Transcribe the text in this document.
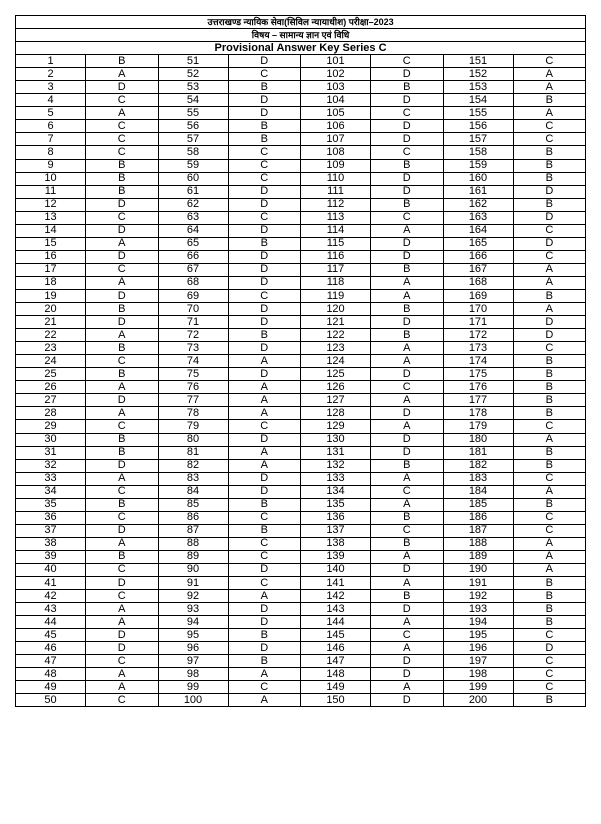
उत्तराखण्ड न्यायिक सेवा(सिविल न्यायाधीश) परीक्षा–2023							
विषय – सामान्य ज्ञान एवं विधि							
Provisional Answer Key Series C							
1	B	51	D	101	C	151	C
2	A	52	C	102	D	152	A
3	D	53	B	103	B	153	A
4	C	54	D	104	D	154	B
5	A	55	D	105	C	155	A
6	C	56	B	106	D	156	C
7	C	57	B	107	D	157	C
8	C	58	C	108	C	158	B
9	B	59	C	109	B	159	B
10	B	60	C	110	D	160	B
11	B	61	D	111	D	161	D
12	D	62	D	112	B	162	B
13	C	63	C	113	C	163	D
14	D	64	D	114	A	164	C
15	A	65	B	115	D	165	D
16	D	66	D	116	D	166	C
17	C	67	D	117	B	167	A
18	A	68	D	118	A	168	A
19	D	69	C	119	A	169	B
20	B	70	D	120	B	170	A
21	D	71	D	121	D	171	D
22	A	72	B	122	B	172	D
23	B	73	D	123	A	173	C
24	C	74	A	124	A	174	B
25	B	75	D	125	D	175	B
26	A	76	A	126	C	176	B
27	D	77	A	127	A	177	B
28	A	78	A	128	D	178	B
29	C	79	C	129	A	179	C
30	B	80	D	130	D	180	A
31	B	81	A	131	D	181	B
32	D	82	A	132	B	182	B
33	A	83	D	133	A	183	C
34	C	84	D	134	C	184	A
35	B	85	B	135	A	185	B
36	C	86	C	136	B	186	C
37	D	87	B	137	C	187	C
38	A	88	C	138	B	188	A
39	B	89	C	139	A	189	A
40	C	90	D	140	D	190	A
41	D	91	C	141	A	191	B
42	C	92	A	142	B	192	B
43	A	93	D	143	D	193	B
44	A	94	D	144	A	194	B
45	D	95	B	145	C	195	C
46	D	96	D	146	A	196	D
47	C	97	B	147	D	197	C
48	A	98	A	148	D	198	C
49	A	99	C	149	A	199	C
50	C	100	A	150	D	200	B
